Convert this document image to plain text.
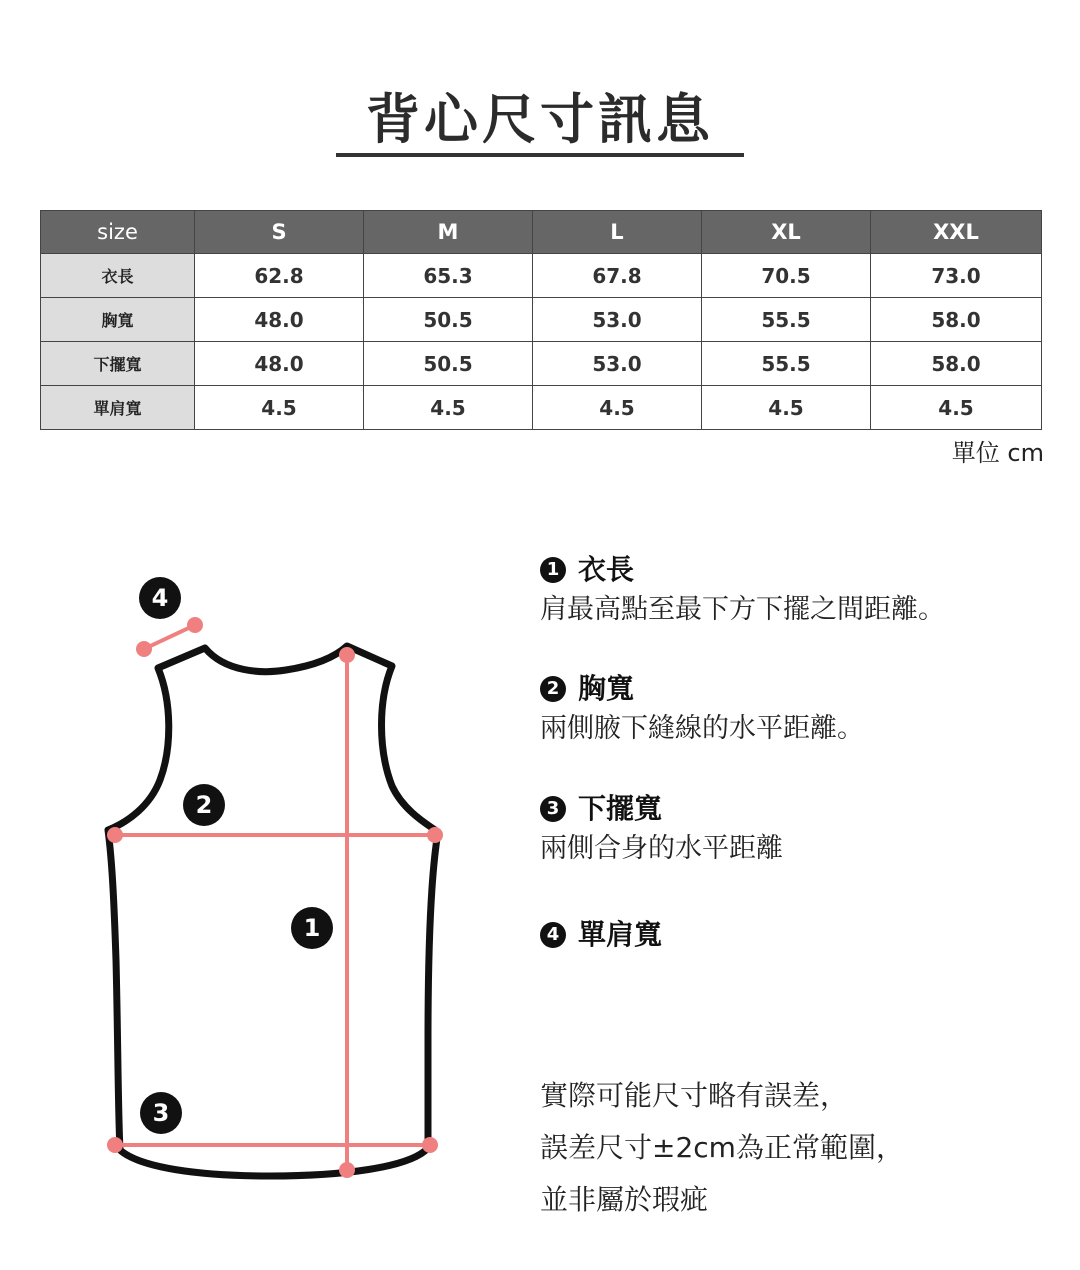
背心尺寸訊息
size	S	M	L	XL	XXL
衣長	62.8	65.3	67.8	70.5	73.0
胸寬	48.0	50.5	53.0	55.5	58.0
下擺寬	48.0	50.5	53.0	55.5	58.0
單肩寬	4.5	4.5	4.5	4.5	4.5
單位 cm
4
2
1
3
1 衣長
肩最高點至最下方下擺之間距離。
2 胸寬
兩側腋下縫線的水平距離。
3 下擺寬
兩側合身的水平距離
4 單肩寬
實際可能尺寸略有誤差，
誤差尺寸±2cm為正常範圍，
並非屬於瑕疵
